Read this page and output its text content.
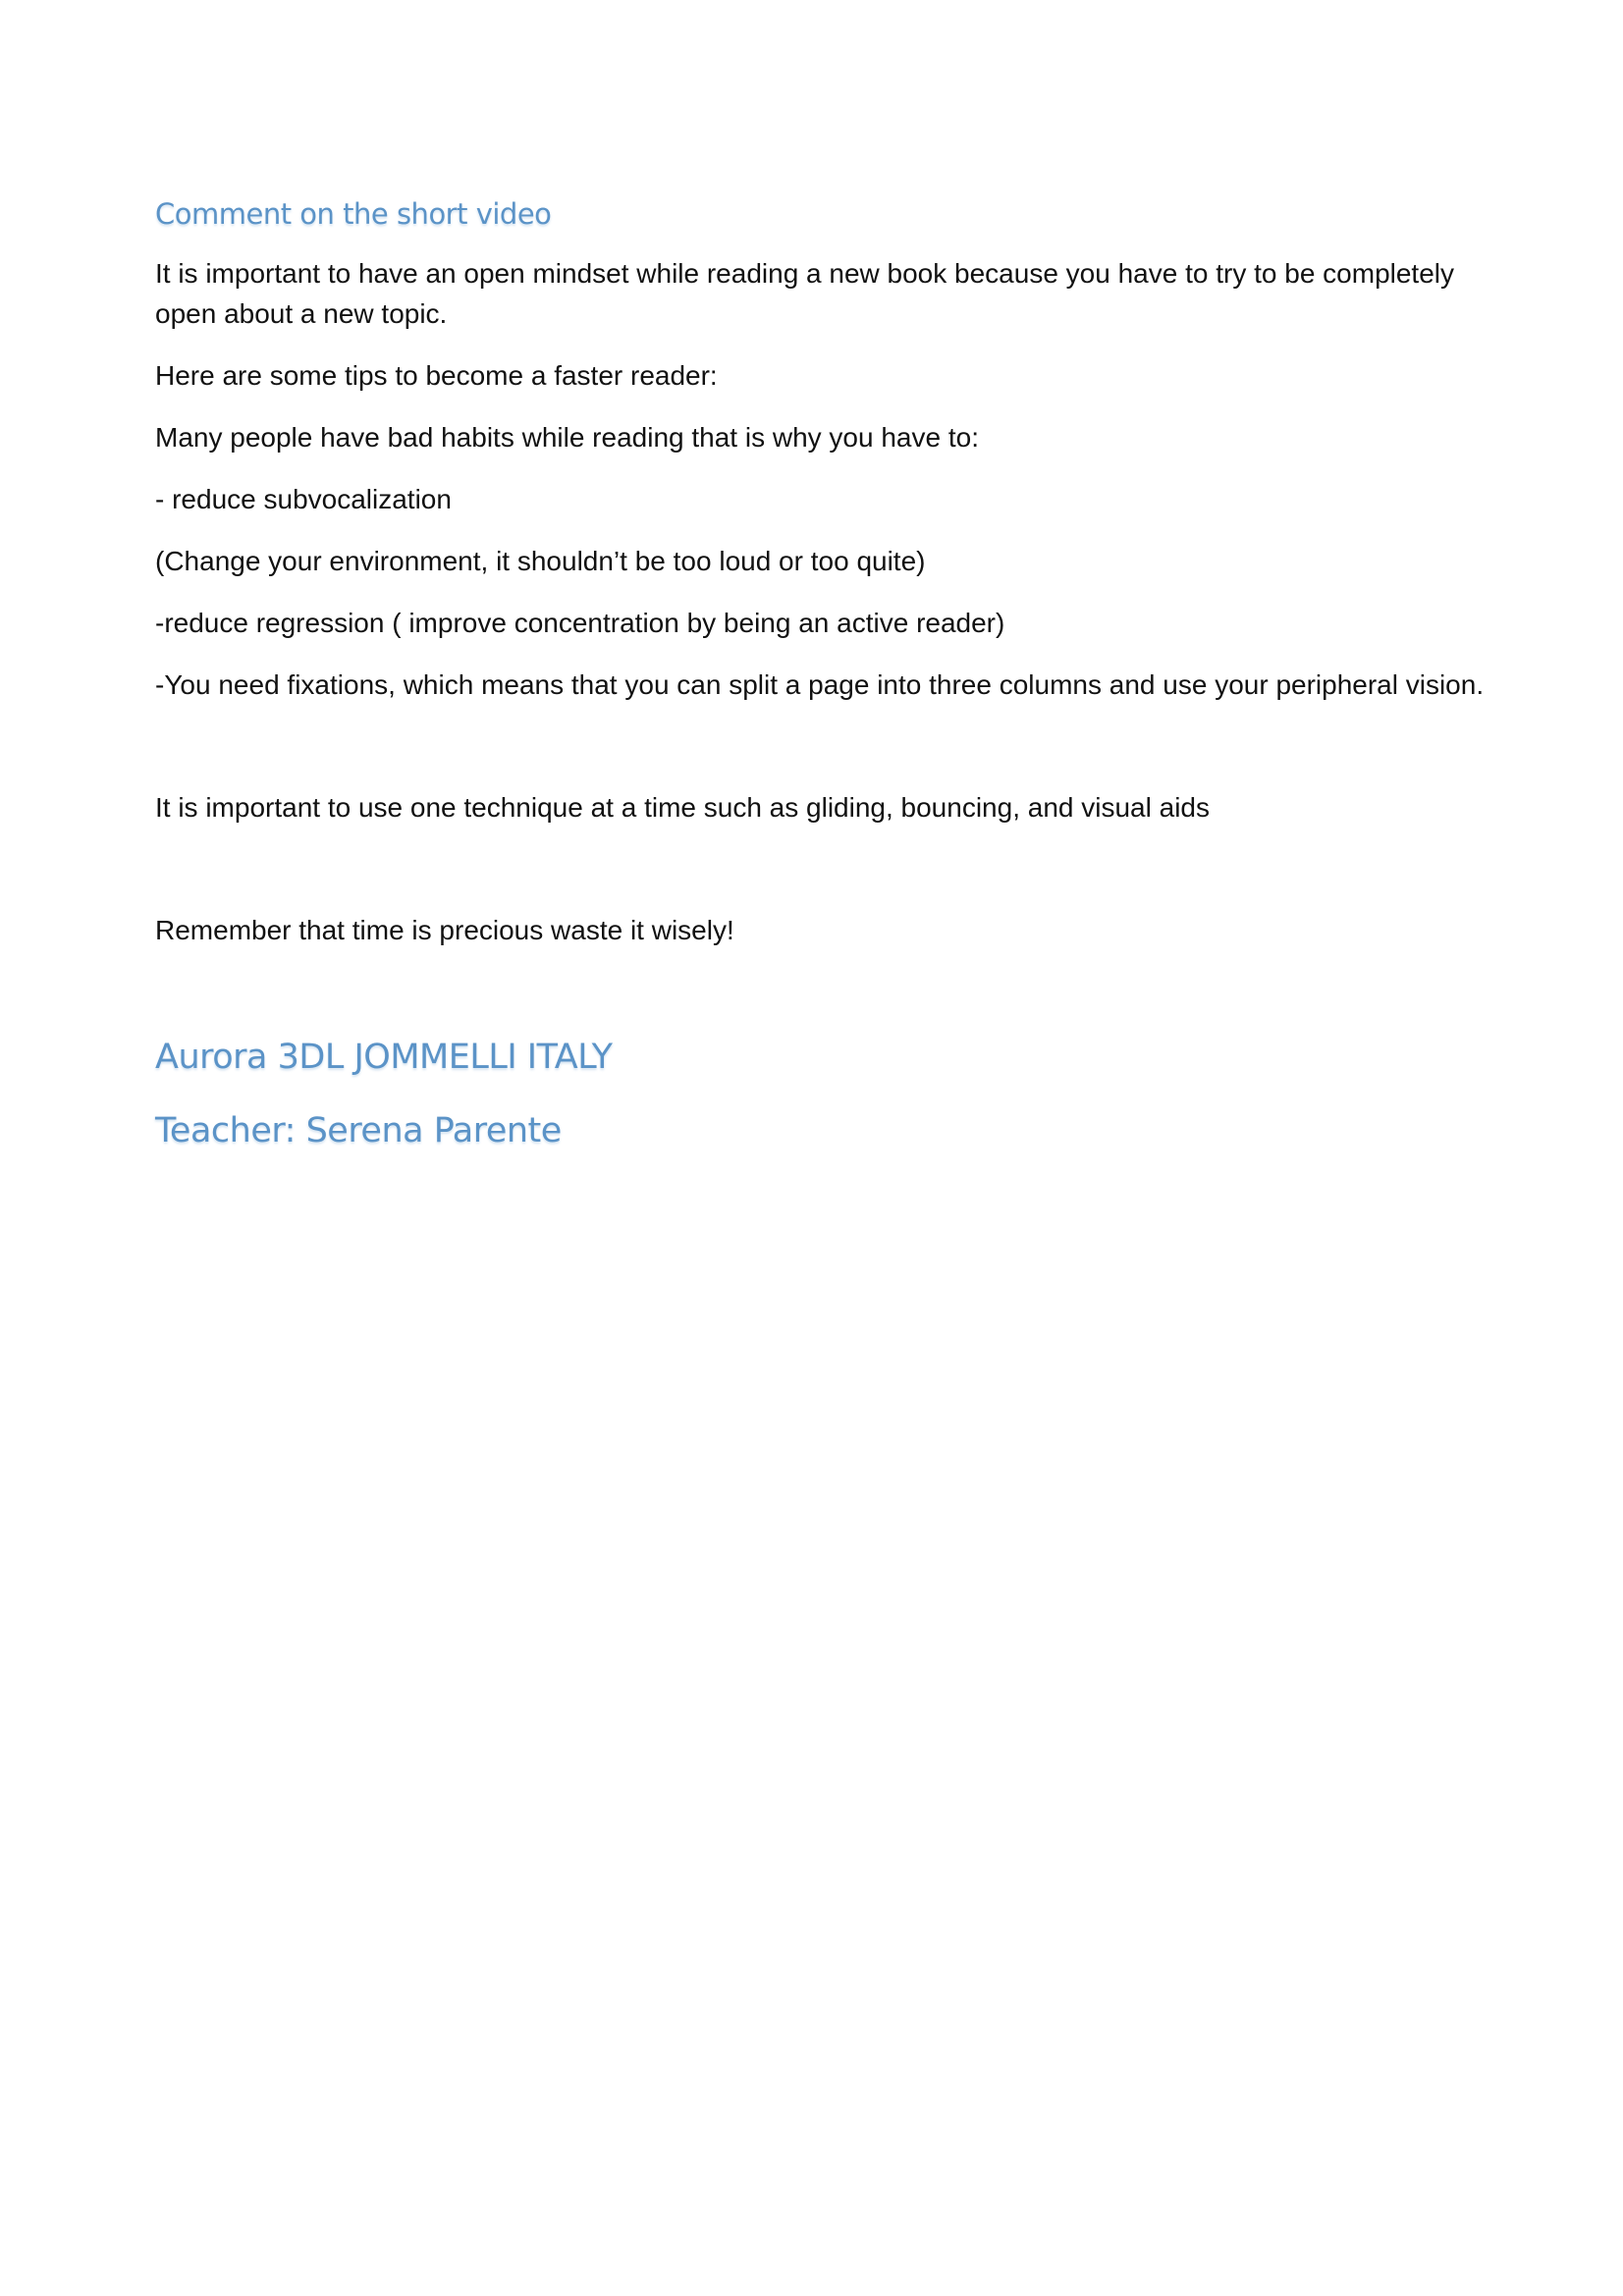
Comment on the short video

It is important to have an open mindset while reading a new book because you have to try to be completely open about a new topic.

Here are some tips to become a faster reader:

Many people have bad habits while reading that is why you have to:

- reduce subvocalization

(Change your environment, it shouldn’t be too loud or too quite)

-reduce regression ( improve concentration by being an active reader)

-You need fixations, which means that you can split a page into three columns and use your peripheral vision.

It is important to use one technique at a time such as gliding, bouncing, and visual aids

Remember that time is precious waste it wisely!

Aurora 3DL JOMMELLI ITALY
Teacher: Serena Parente
